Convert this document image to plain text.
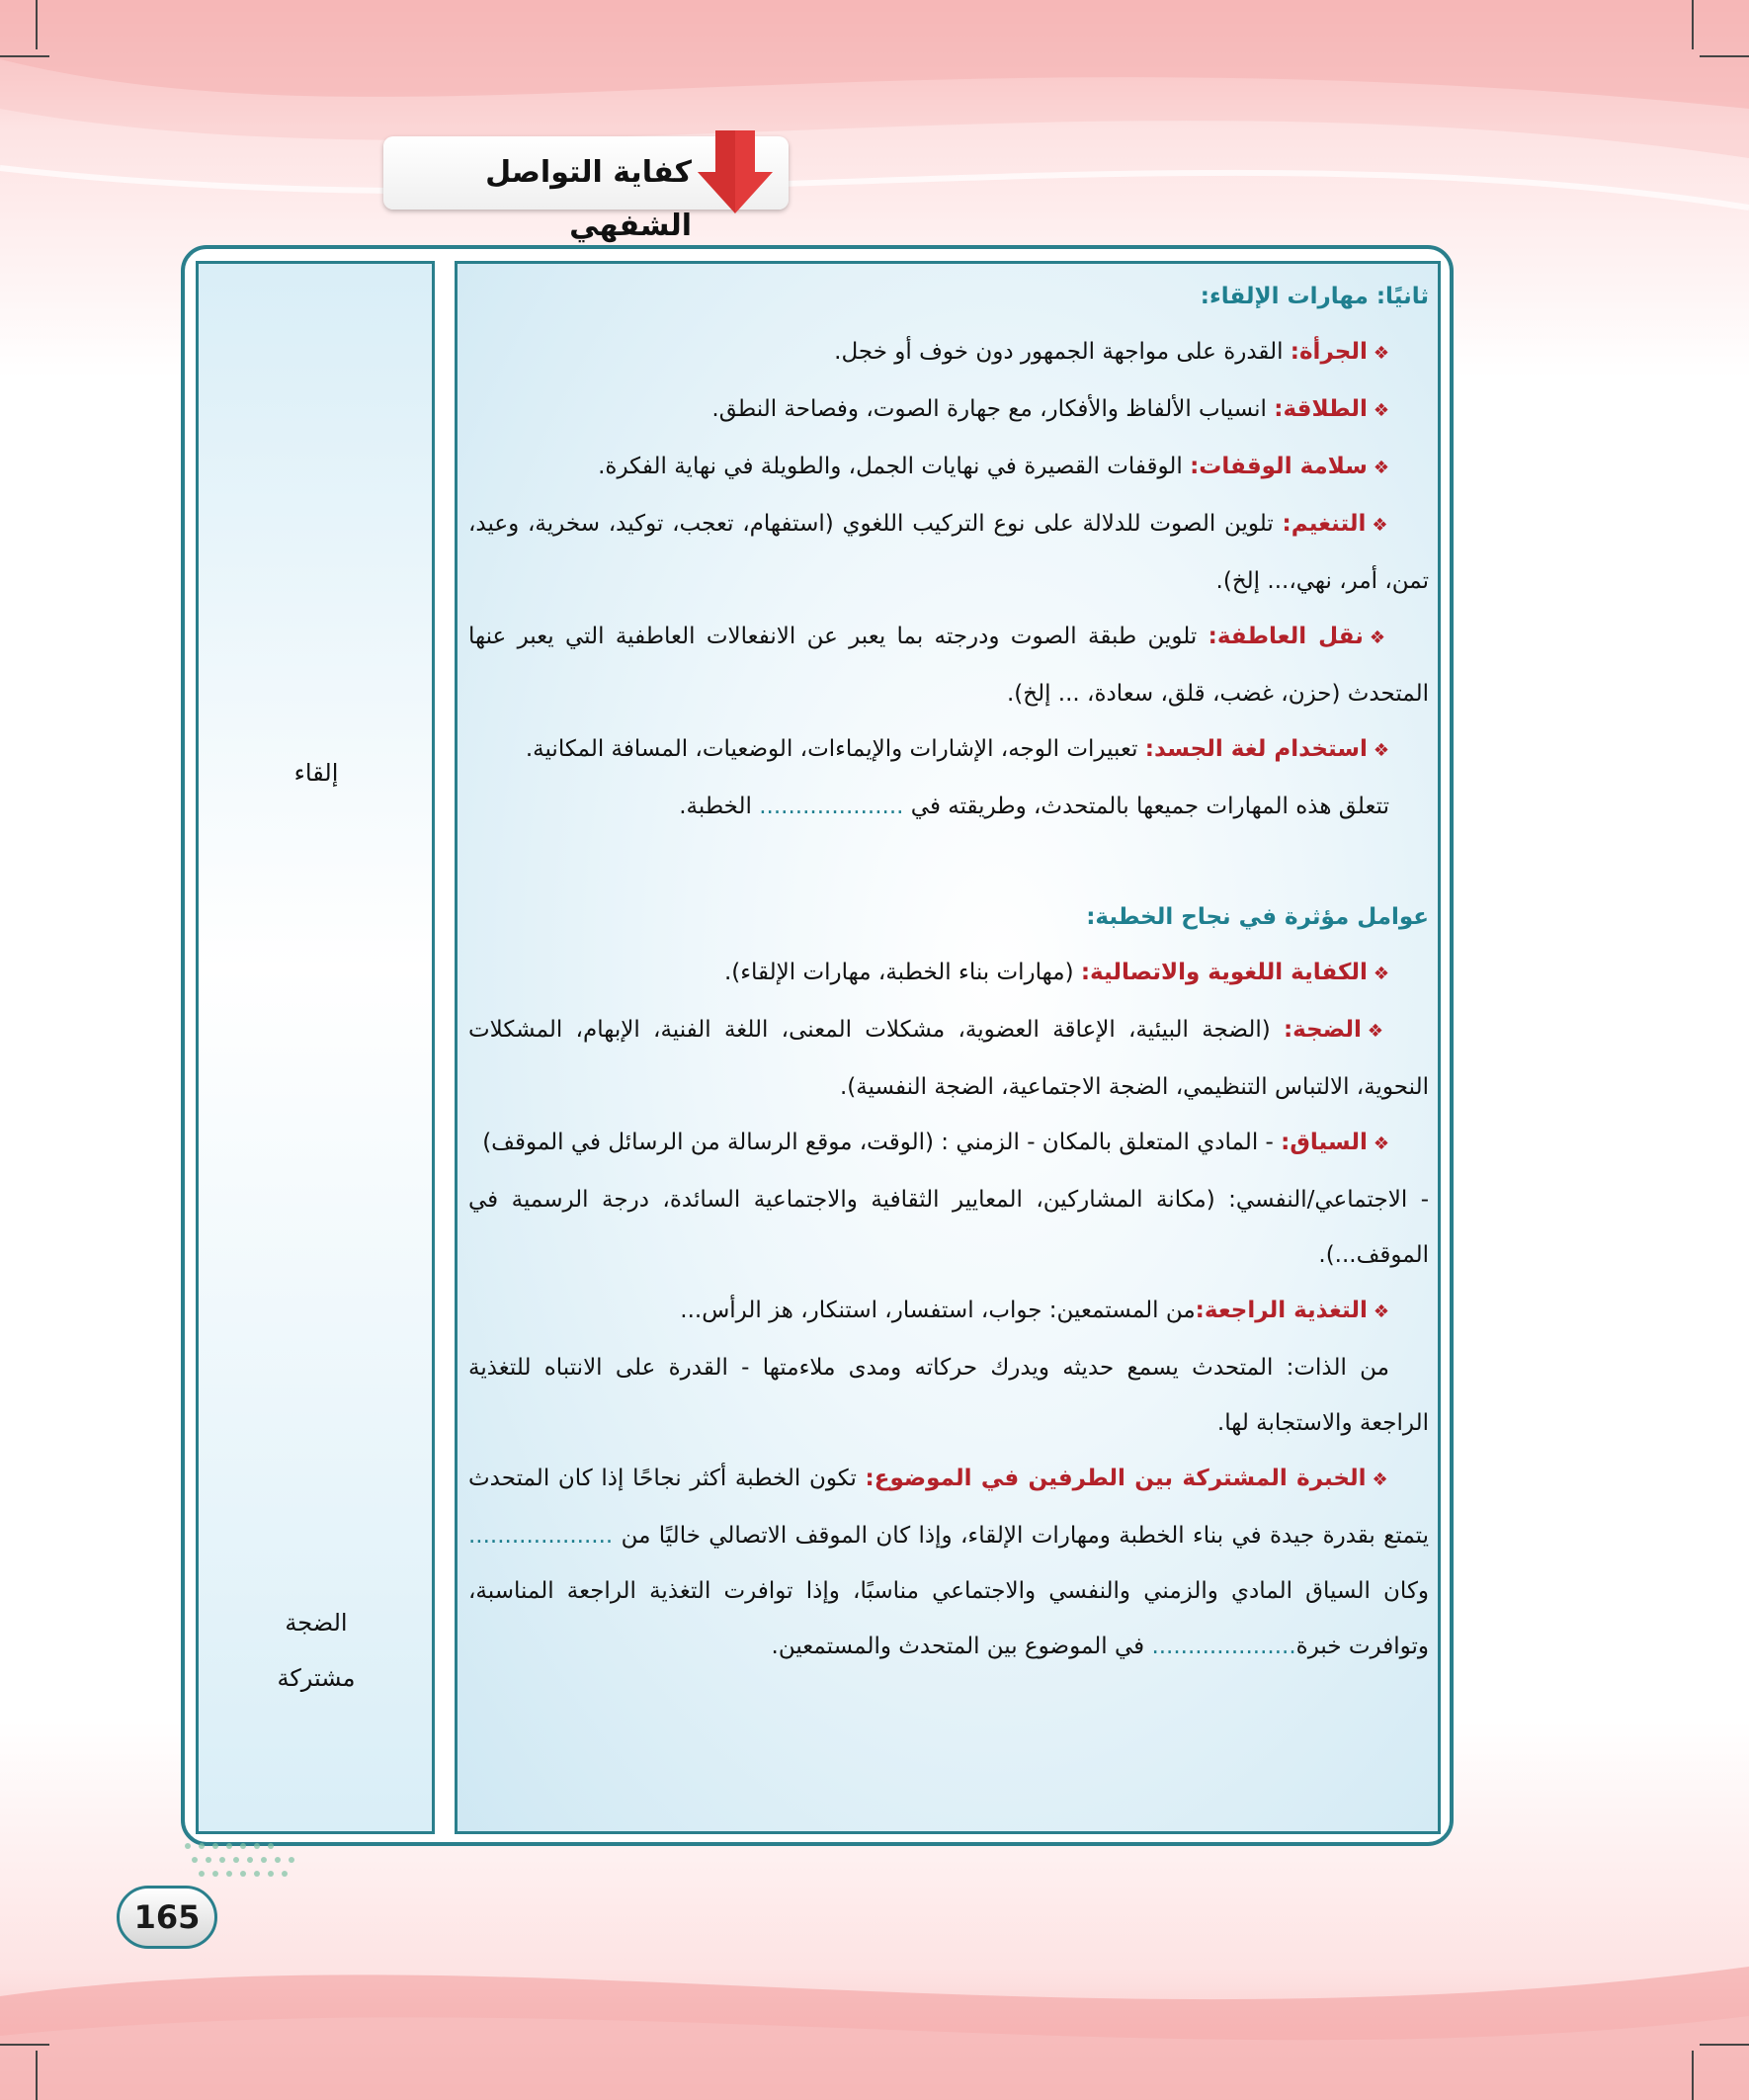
كفاية التواصل الشفهي
إلقاء
الضجة
مشتركة

ثانيًا: مهارات الإلقاء:

❖الجرأة: القدرة على مواجهة الجمهور دون خوف أو خجل.

❖الطلاقة: انسياب الألفاظ والأفكار، مع جهارة الصوت، وفصاحة النطق.

❖سلامة الوقفات: الوقفات القصيرة في نهايات الجمل، والطويلة في نهاية الفكرة.

❖التنغيم: تلوين الصوت للدلالة على نوع التركيب اللغوي (استفهام، تعجب، توكيد، سخرية، وعيد، تمن، أمر، نهي،... إلخ).

❖نقل العاطفة: تلوين طبقة الصوت ودرجته بما يعبر عن الانفعالات العاطفية التي يعبر عنها المتحدث (حزن، غضب، قلق، سعادة، ... إلخ).

❖استخدام لغة الجسد: تعبيرات الوجه، الإشارات والإيماءات، الوضعيات، المسافة المكانية.

تتعلق هذه المهارات جميعها بالمتحدث، وطريقته في .................... الخطبة.

عوامل مؤثرة في نجاح الخطبة:

❖الكفاية اللغوية والاتصالية: (مهارات بناء الخطبة، مهارات الإلقاء).

❖الضجة: (الضجة البيئية، الإعاقة العضوية، مشكلات المعنى، اللغة الفنية، الإبهام، المشكلات النحوية، الالتباس التنظيمي، الضجة الاجتماعية، الضجة النفسية).

❖السياق: - المادي المتعلق بالمكان - الزمني : (الوقت، موقع الرسالة من الرسائل في الموقف)

- الاجتماعي/النفسي: (مكانة المشاركين، المعايير الثقافية والاجتماعية السائدة، درجة الرسمية في الموقف...).

❖التغذية الراجعة:من المستمعين: جواب، استفسار، استنكار، هز الرأس...

من الذات: المتحدث يسمع حديثه ويدرك حركاته ومدى ملاءمتها - القدرة على الانتباه للتغذية الراجعة والاستجابة لها.

❖الخبرة المشتركة بين الطرفين في الموضوع: تكون الخطبة أكثر نجاحًا إذا كان المتحدث يتمتع بقدرة جيدة في بناء الخطبة ومهارات الإلقاء، وإذا كان الموقف الاتصالي خاليًا من .................... وكان السياق المادي والزمني والنفسي والاجتماعي مناسبًا، وإذا توافرت التغذية الراجعة المناسبة، وتوافرت خبرة.................... في الموضوع بين المتحدث والمستمعين.

165
